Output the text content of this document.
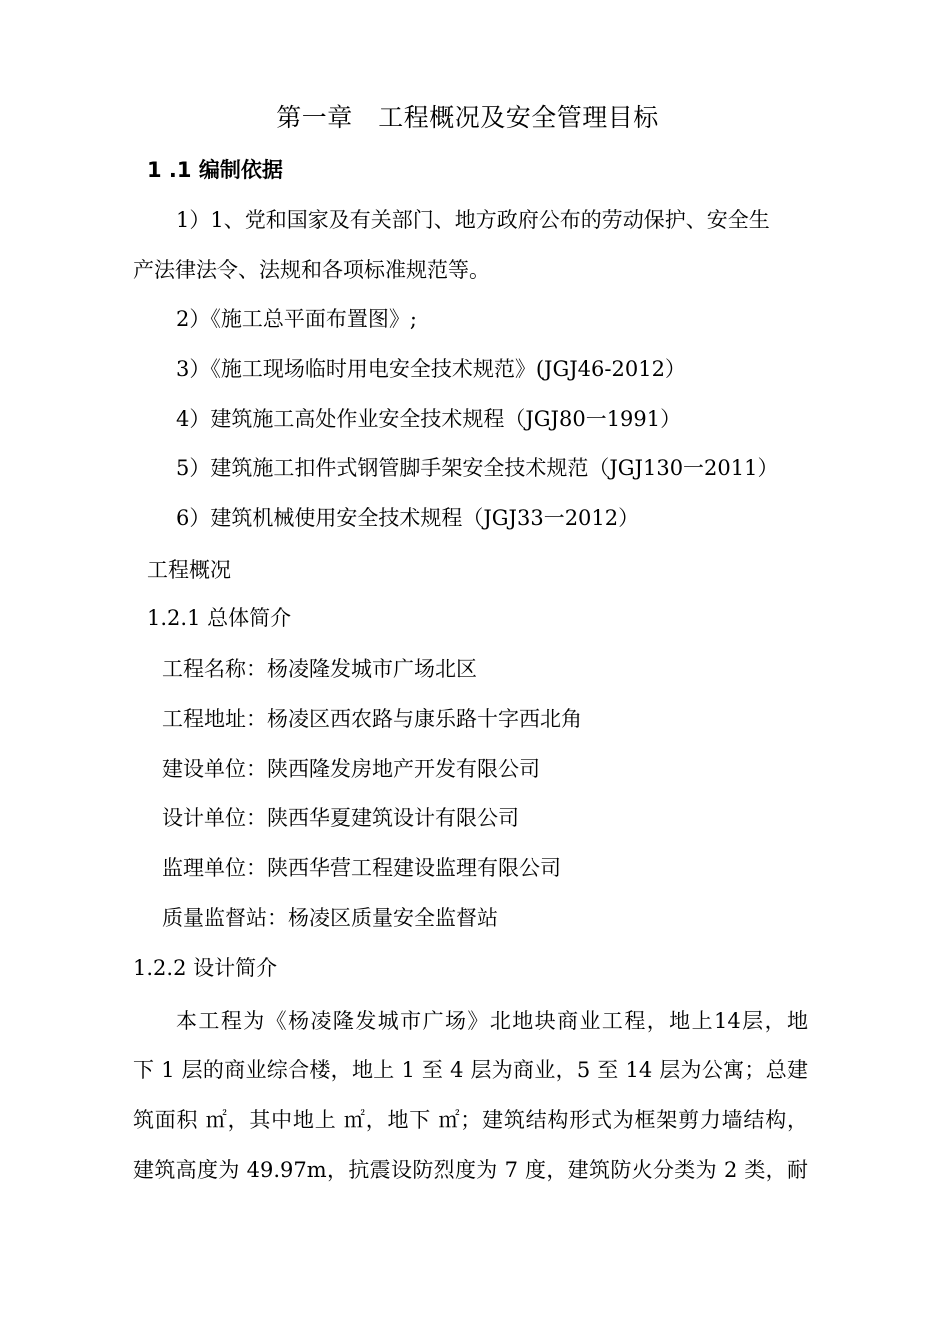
第一章　工程概况及安全管理目标
1 .1 编制依据
1）1、党和国家及有关部门、地方政府公布的劳动保护、安全生
产法律法令、法规和各项标准规范等。
2）《施工总平面布置图》;
3）《施工现场临时用电安全技术规范》(JGJ46-2012）
4）建筑施工高处作业安全技术规程（JGJ80一1991）
5）建筑施工扣件式钢管脚手架安全技术规范（JGJ130一2011）
6）建筑机械使用安全技术规程（JGJ33一2012）
工程概况
1.2.1 总体简介
工程名称：杨凌隆发城市广场北区
工程地址：杨凌区西农路与康乐路十字西北角
建设单位：陕西隆发房地产开发有限公司
设计单位：陕西华夏建筑设计有限公司
监理单位：陕西华营工程建设监理有限公司
质量监督站：杨凌区质量安全监督站
1.2.2 设计简介
本工程为《杨凌隆发城市广场》北地块商业工程，地上14层，地
下 1 层的商业综合楼，地上 1 至 4 层为商业，5 至 14 层为公寓；总建
筑面积 ㎡，其中地上 ㎡，地下 ㎡；建筑结构形式为框架剪力墙结构，
建筑高度为 49.97m，抗震设防烈度为 7 度，建筑防火分类为 2 类，耐
